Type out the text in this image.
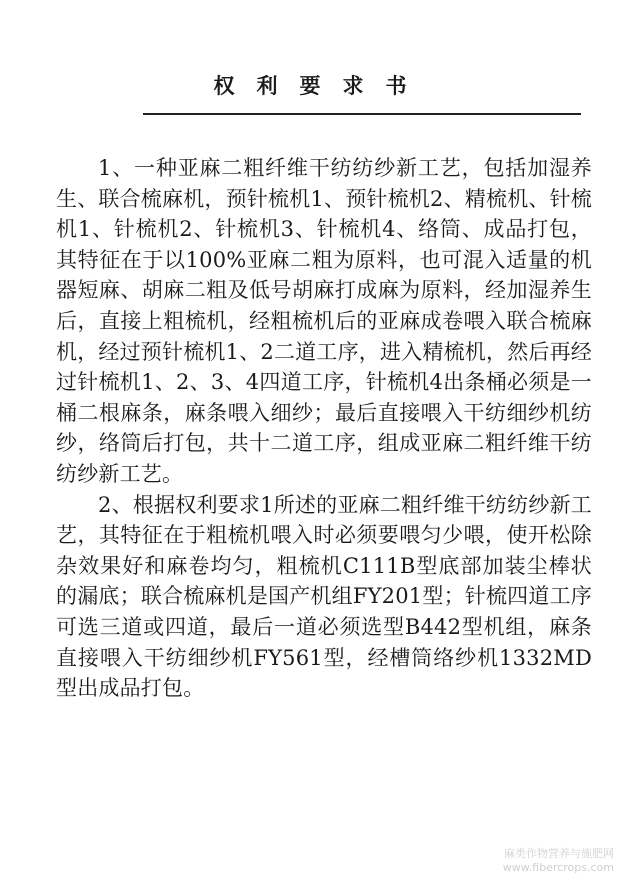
权利要求书

1、一种亚麻二粗纤维干纺纺纱新工艺，包括加湿养生、联合梳麻机，预针梳机1、预针梳机2、精梳机、针梳机1、针梳机2、针梳机3、针梳机4、络筒、成品打包，其特征在于以100%亚麻二粗为原料，也可混入适量的机器短麻、胡麻二粗及低号胡麻打成麻为原料，经加湿养生后，直接上粗梳机，经粗梳机后的亚麻成卷喂入联合梳麻机，经过预针梳机1、2二道工序，进入精梳机，然后再经过针梳机1、2、3、4四道工序，针梳机4出条桶必须是一桶二根麻条，麻条喂入细纱；最后直接喂入干纺细纱机纺纱，络筒后打包，共十二道工序，组成亚麻二粗纤维干纺纺纱新工艺。

2、根据权利要求1所述的亚麻二粗纤维干纺纺纱新工艺，其特征在于粗梳机喂入时必须要喂匀少喂，使开松除杂效果好和麻卷均匀，粗梳机C111B型底部加装尘棒状的漏底；联合梳麻机是国产机组FY201型；针梳四道工序可选三道或四道，最后一道必须选型B442型机组，麻条直接喂入干纺细纱机FY561型，经槽筒络纱机1332MD型出成品打包。

麻类作物营养与施肥网
www.fibercrops.com
